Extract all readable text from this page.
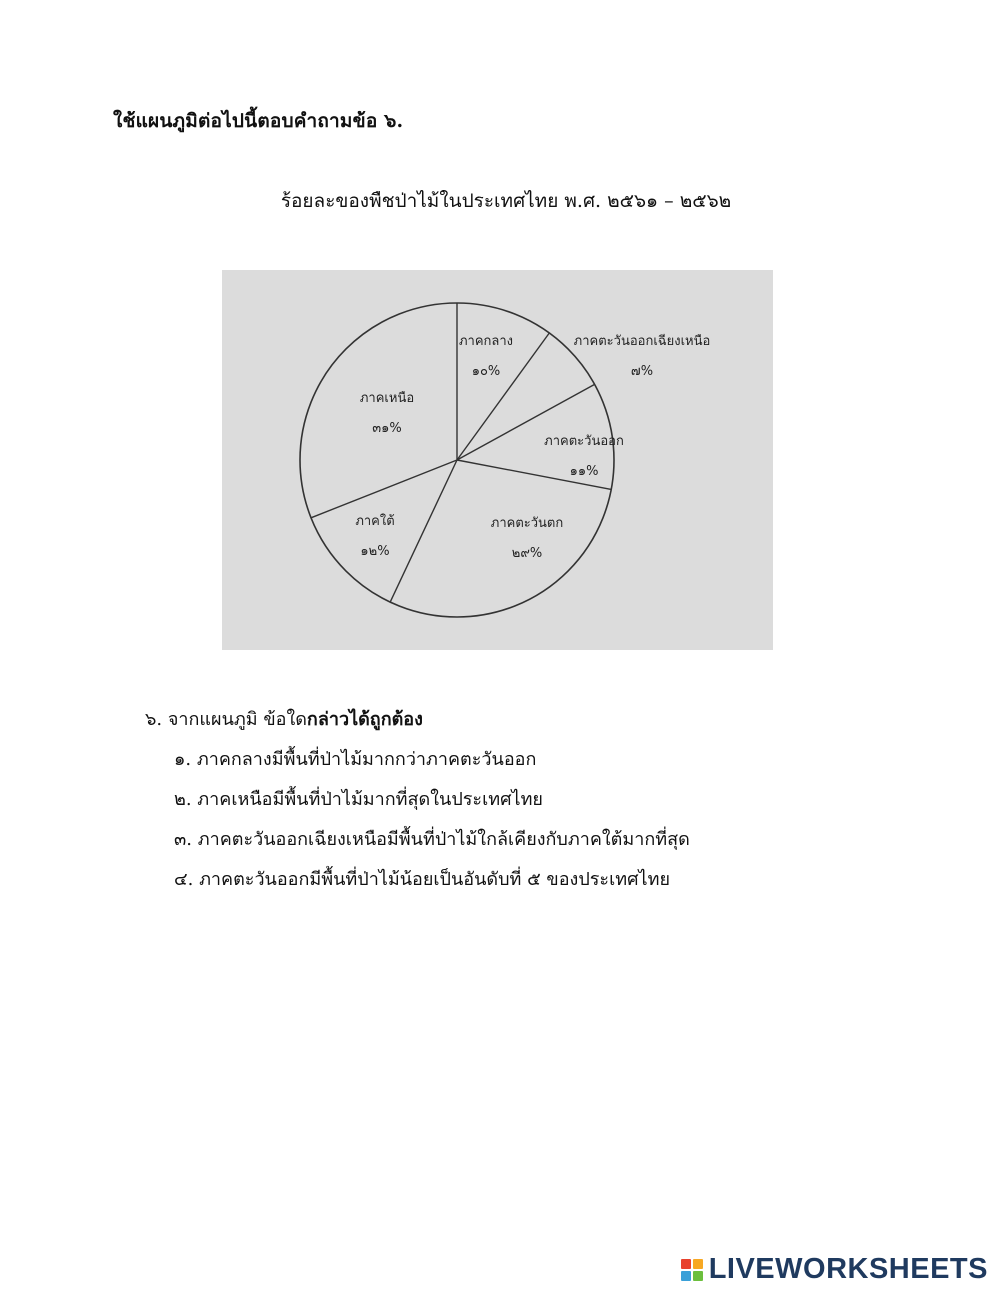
ใช้แผนภูมิต่อไปนี้ตอบคำถามข้อ ๖.
ร้อยละของพืชป่าไม้ในประเทศไทย พ.ศ. ๒๕๖๑ – ๒๕๖๒
ภาคกลาง
๑๐%
ภาคตะวันออกเฉียงเหนือ
๗%
ภาคตะวันออก
๑๑%
ภาคตะวันตก
๒๙%
ภาคใต้
๑๒%
ภาคเหนือ
๓๑%
๖. จากแผนภูมิ ข้อใดกล่าวได้ถูกต้อง
๑. ภาคกลางมีพื้นที่ป่าไม้มากกว่าภาคตะวันออก
๒. ภาคเหนือมีพื้นที่ป่าไม้มากที่สุดในประเทศไทย
๓. ภาคตะวันออกเฉียงเหนือมีพื้นที่ป่าไม้ใกล้เคียงกับภาคใต้มากที่สุด
๔. ภาคตะวันออกมีพื้นที่ป่าไม้น้อยเป็นอันดับที่ ๕ ของประเทศไทย
LIVEWORKSHEETS
